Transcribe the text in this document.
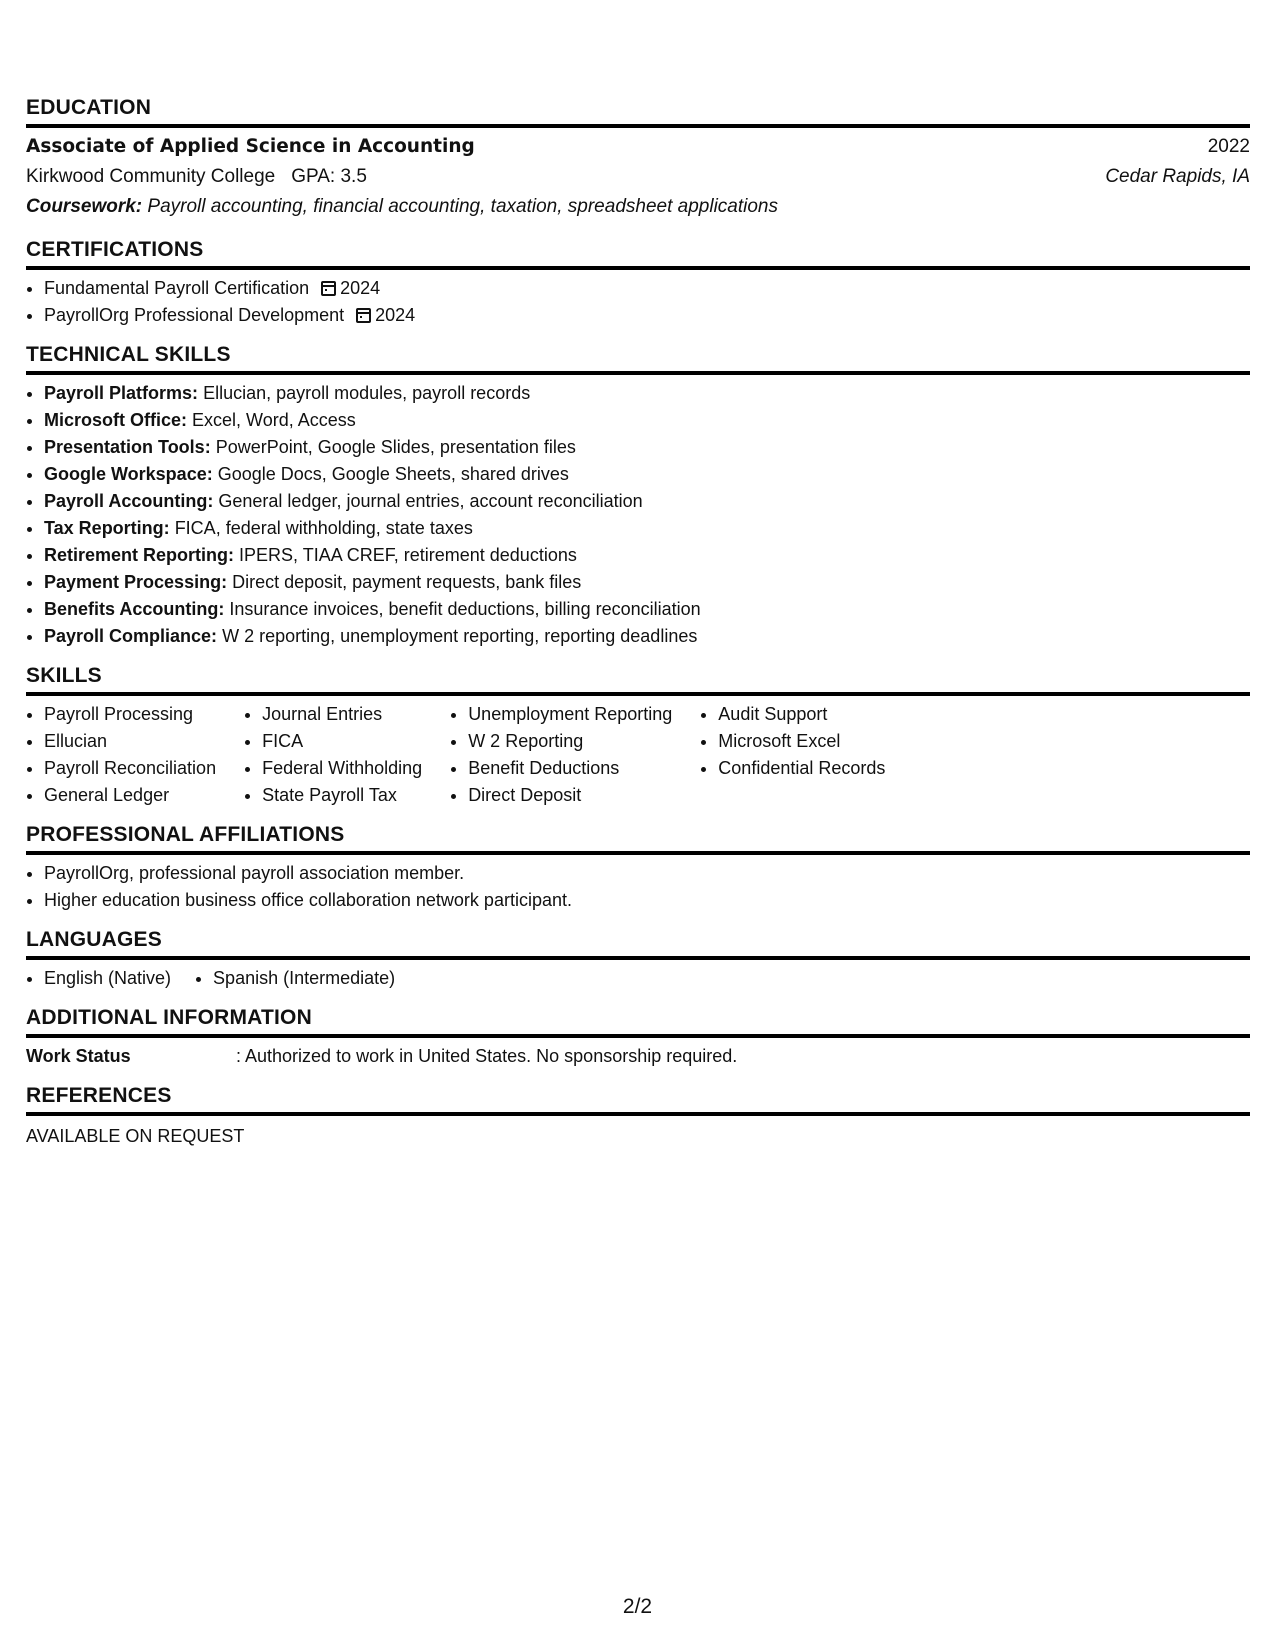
EDUCATION
Associate of Applied Science in Accounting	2022
Kirkwood Community College GPA: 3.5	Cedar Rapids, IA
Coursework:
Payroll accounting, financial accounting, taxation, spreadsheet applications
CERTIFICATIONS
• Fundamental Payroll Certification 2024
• PayrollOrg Professional Development 2024
TECHNICAL SKILLS
• Payroll Platforms: Ellucian, payroll modules, payroll records
• Microsoft Office: Excel, Word, Access
• Presentation Tools: PowerPoint, Google Slides, presentation files
• Google Workspace: Google Docs, Google Sheets, shared drives
• Payroll Accounting: General ledger, journal entries, account reconciliation
• Tax Reporting: FICA, federal withholding, state taxes
• Retirement Reporting: IPERS, TIAA CREF, retirement deductions
• Payment Processing: Direct deposit, payment requests, bank files
• Benefits Accounting: Insurance invoices, benefit deductions, billing reconciliation
• Payroll Compliance: W 2 reporting, unemployment reporting, reporting deadlines
SKILLS
• Payroll Processing
• Ellucian
• Payroll Reconciliation
• General Ledger
• Journal Entries
• FICA
• Federal Withholding
• State Payroll Tax
• Unemployment Reporting
• W 2 Reporting
• Benefit Deductions
• Direct Deposit
• Audit Support
• Microsoft Excel
• Confidential Records
PROFESSIONAL AFFILIATIONS
• PayrollOrg, professional payroll association member.
• Higher education business office collaboration network participant.
LANGUAGES
• English (Native)
• Spanish (Intermediate)
ADDITIONAL INFORMATION
Work Status	: Authorized to work in United States. No sponsorship required.
REFERENCES
AVAILABLE ON REQUEST
2/2
